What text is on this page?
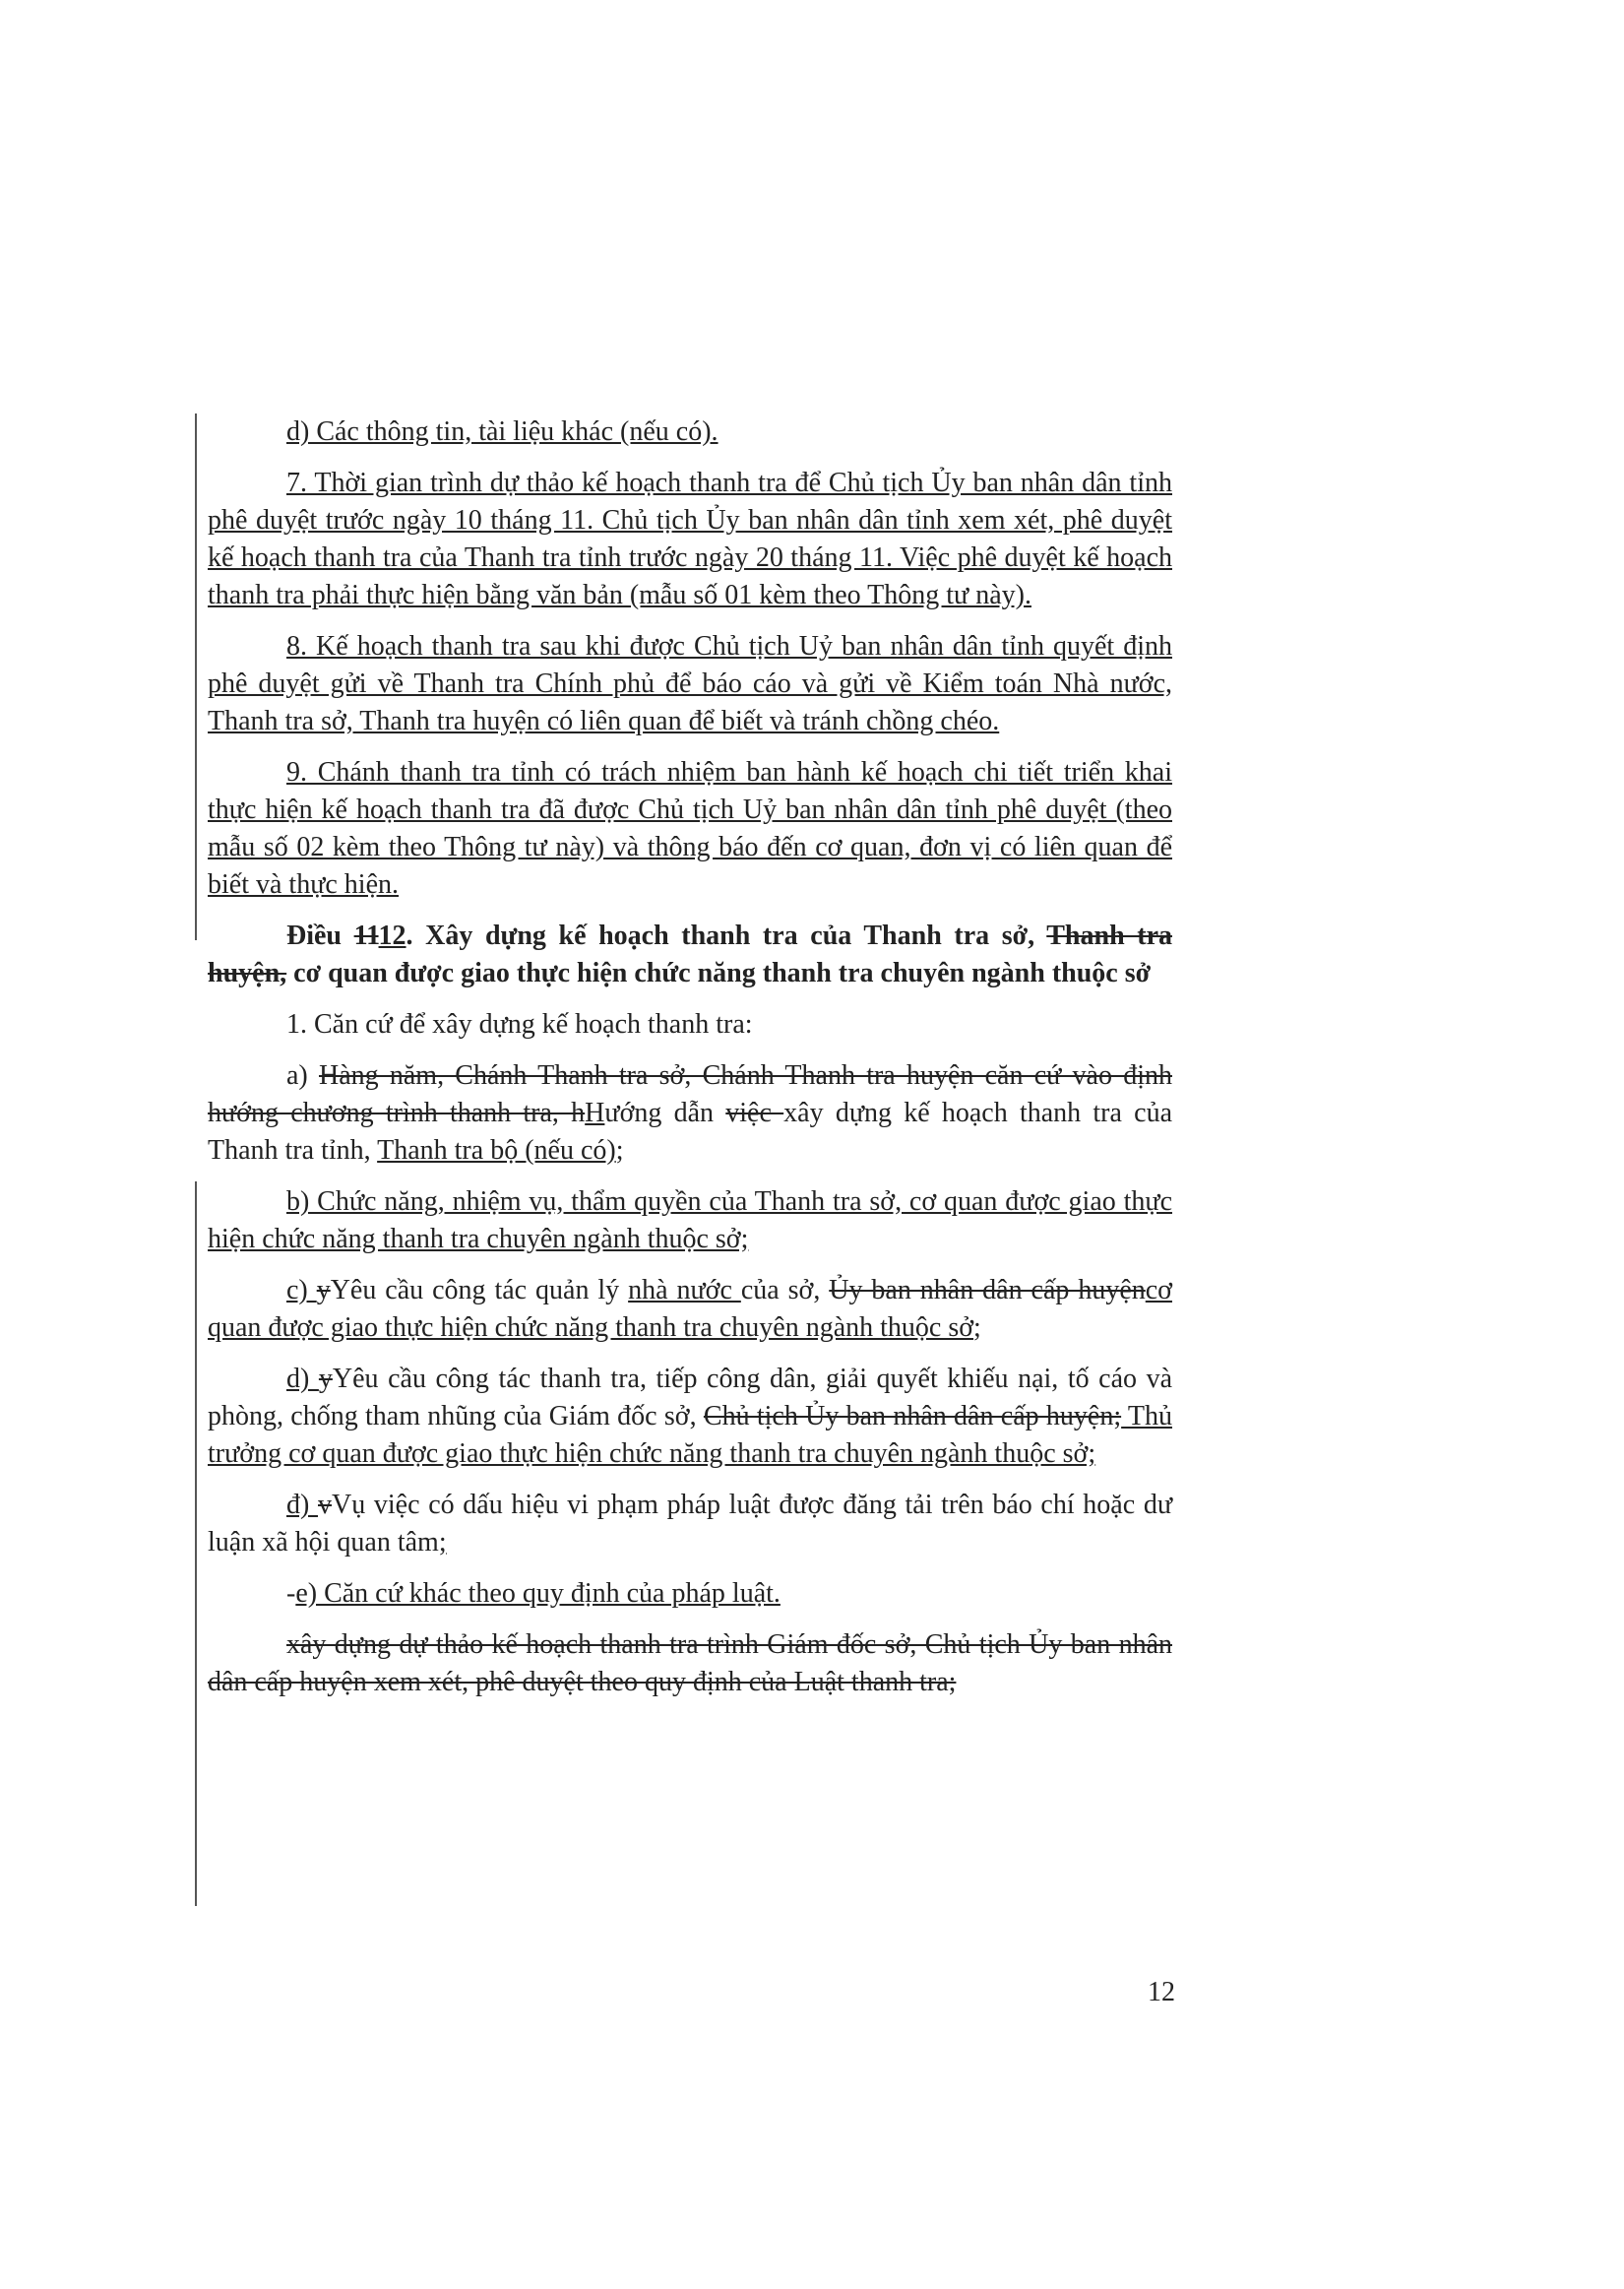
d) Các thông tin, tài liệu khác (nếu có).

7. Thời gian trình dự thảo kế hoạch thanh tra để Chủ tịch Ủy ban nhân dân tỉnh phê duyệt trước ngày 10 tháng 11. Chủ tịch Ủy ban nhân dân tỉnh xem xét, phê duyệt kế hoạch thanh tra của Thanh tra tỉnh trước ngày 20 tháng 11. Việc phê duyệt kế hoạch thanh tra phải thực hiện bằng văn bản (mẫu số 01 kèm theo Thông tư này).

8. Kế hoạch thanh tra sau khi được Chủ tịch Uỷ ban nhân dân tỉnh quyết định phê duyệt gửi về Thanh tra Chính phủ để báo cáo và gửi về Kiểm toán Nhà nước, Thanh tra sở, Thanh tra huyện có liên quan để biết và tránh chồng chéo.

9. Chánh thanh tra tỉnh có trách nhiệm ban hành kế hoạch chi tiết triển khai thực hiện kế hoạch thanh tra đã được Chủ tịch Uỷ ban nhân dân tỉnh phê duyệt (theo mẫu số 02 kèm theo Thông tư này) và thông báo đến cơ quan, đơn vị có liên quan để biết và thực hiện.

Điều 1112. Xây dựng kế hoạch thanh tra của Thanh tra sở, Thanh tra huyện, cơ quan được giao thực hiện chức năng thanh tra chuyên ngành thuộc sở

1. Căn cứ để xây dựng kế hoạch thanh tra:

a) Hàng năm, Chánh Thanh tra sở, Chánh Thanh tra huyện căn cứ vào định hướng chương trình thanh tra, hHướng dẫn việc xây dựng kế hoạch thanh tra của Thanh tra tỉnh, Thanh tra bộ (nếu có);

b) Chức năng, nhiệm vụ, thẩm quyền của Thanh tra sở, cơ quan được giao thực hiện chức năng thanh tra chuyên ngành thuộc sở;

c) yYêu cầu công tác quản lý nhà nước của sở, Ủy ban nhân dân cấp huyệncơ quan được giao thực hiện chức năng thanh tra chuyên ngành thuộc sở;

d) yYêu cầu công tác thanh tra, tiếp công dân, giải quyết khiếu nại, tố cáo và phòng, chống tham nhũng của Giám đốc sở, Chủ tịch Ủy ban nhân dân cấp huyện; Thủ trưởng cơ quan được giao thực hiện chức năng thanh tra chuyên ngành thuộc sở;

đ) vVụ việc có dấu hiệu vi phạm pháp luật được đăng tải trên báo chí hoặc dư luận xã hội quan tâm;

-e) Căn cứ khác theo quy định của pháp luật.

xây dựng dự thảo kế hoạch thanh tra trình Giám đốc sở, Chủ tịch Ủy ban nhân dân cấp huyện xem xét, phê duyệt theo quy định của Luật thanh tra;

12
